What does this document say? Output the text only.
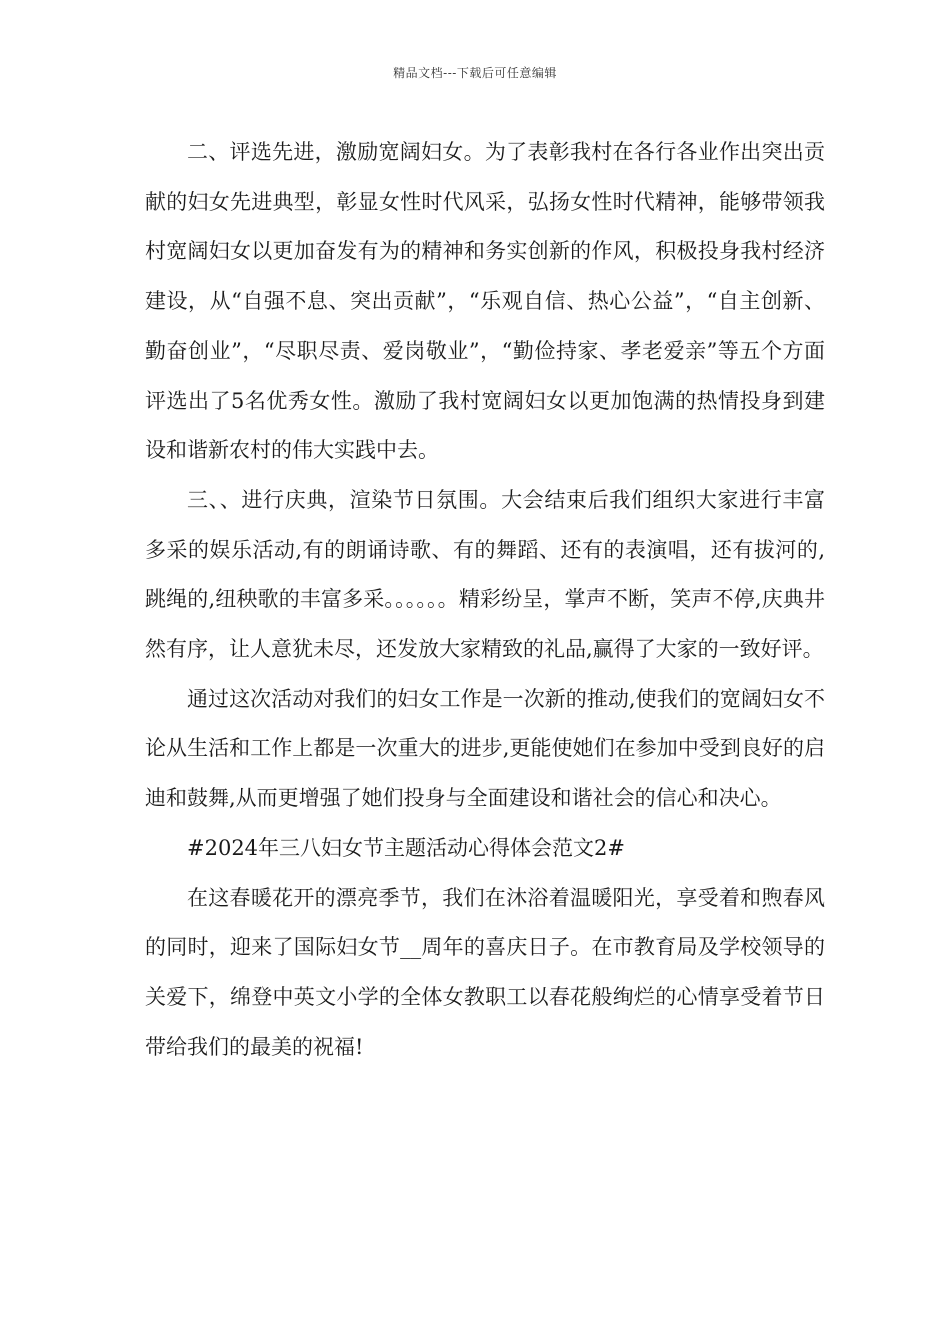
精品文档---下载后可任意编辑

二、评选先进，激励宽阔妇女。为了表彰我村在各行各业作出突出贡献的妇女先进典型，彰显女性时代风采，弘扬女性时代精神，能够带领我村宽阔妇女以更加奋发有为的精神和务实创新的作风，积极投身我村经济建设，从“自强不息、突出贡献”，“乐观自信、热心公益”，“自主创新、勤奋创业”，“尽职尽责、爱岗敬业”，“勤俭持家、孝老爱亲”等五个方面评选出了5名优秀女性。激励了我村宽阔妇女以更加饱满的热情投身到建设和谐新农村的伟大实践中去。

三、、进行庆典，渲染节日氛围。大会结束后我们组织大家进行丰富多采的娱乐活动,有的朗诵诗歌、有的舞蹈、还有的表演唱，还有拔河的,跳绳的,纽秧歌的丰富多采。。。。。。精彩纷呈，掌声不断，笑声不停,庆典井然有序，让人意犹未尽，还发放大家精致的礼品,赢得了大家的一致好评。

通过这次活动对我们的妇女工作是一次新的推动,使我们的宽阔妇女不论从生活和工作上都是一次重大的进步,更能使她们在参加中受到良好的启迪和鼓舞,从而更增强了她们投身与全面建设和谐社会的信心和决心。

#2024年三八妇女节主题活动心得体会范文2#

在这春暖花开的漂亮季节，我们在沐浴着温暖阳光，享受着和煦春风的同时，迎来了国际妇女节__周年的喜庆日子。在市教育局及学校领导的关爱下，绵登中英文小学的全体女教职工以春花般绚烂的心情享受着节日带给我们的最美的祝福!
